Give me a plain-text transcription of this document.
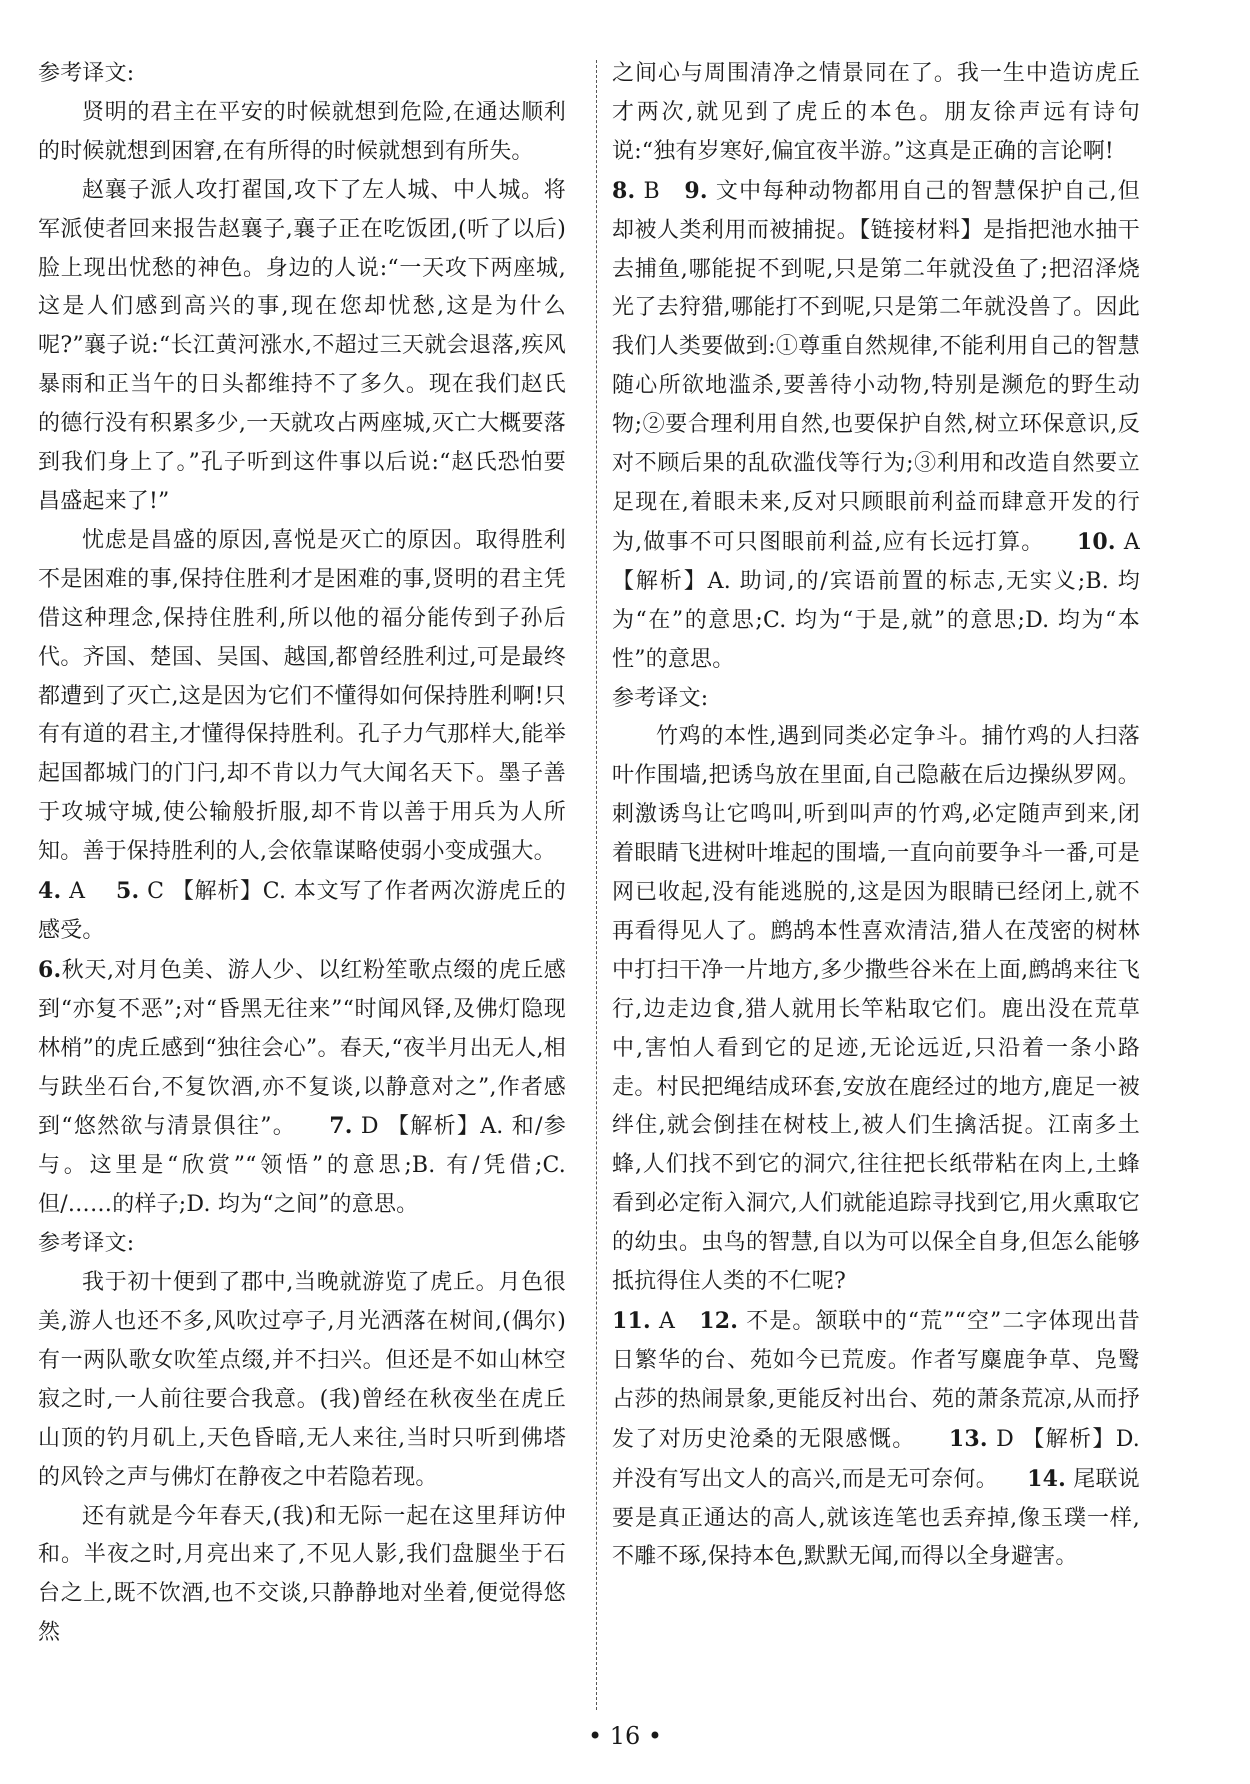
参考译文:

贤明的君主在平安的时候就想到危险,在通达顺利的时候就想到困窘,在有所得的时候就想到有所失。

赵襄子派人攻打翟国,攻下了左人城、中人城。将军派使者回来报告赵襄子,襄子正在吃饭团,(听了以后)脸上现出忧愁的神色。身边的人说:“一天攻下两座城,这是人们感到高兴的事,现在您却忧愁,这是为什么呢?”襄子说:“长江黄河涨水,不超过三天就会退落,疾风暴雨和正当午的日头都维持不了多久。现在我们赵氏的德行没有积累多少,一天就攻占两座城,灭亡大概要落到我们身上了。”孔子听到这件事以后说:“赵氏恐怕要昌盛起来了!”

忧虑是昌盛的原因,喜悦是灭亡的原因。取得胜利不是困难的事,保持住胜利才是困难的事,贤明的君主凭借这种理念,保持住胜利,所以他的福分能传到子孙后代。齐国、楚国、吴国、越国,都曾经胜利过,可是最终都遭到了灭亡,这是因为它们不懂得如何保持胜利啊!只有有道的君主,才懂得保持胜利。孔子力气那样大,能举起国都城门的门闩,却不肯以力气大闻名天下。墨子善于攻城守城,使公输般折服,却不肯以善于用兵为人所知。善于保持胜利的人,会依靠谋略使弱小变成强大。

4. A 5. C 【解析】C. 本文写了作者两次游虎丘的感受。

6.秋天,对月色美、游人少、以红粉笙歌点缀的虎丘感到“亦复不恶”;对“昏黑无往来”“时闻风铎,及佛灯隐现林梢”的虎丘感到“独往会心”。春天,“夜半月出无人,相与趺坐石台,不复饮酒,亦不复谈,以静意对之”,作者感到“悠然欲与清景俱往”。 7. D 【解析】A. 和/参与。这里是“欣赏”“领悟”的意思;B. 有/凭借;C. 但/……的样子;D. 均为“之间”的意思。

参考译文:

我于初十便到了郡中,当晚就游览了虎丘。月色很美,游人也还不多,风吹过亭子,月光洒落在树间,(偶尔)有一两队歌女吹笙点缀,并不扫兴。但还是不如山林空寂之时,一人前往要合我意。(我)曾经在秋夜坐在虎丘山顶的钓月矶上,天色昏暗,无人来往,当时只听到佛塔的风铃之声与佛灯在静夜之中若隐若现。

还有就是今年春天,(我)和无际一起在这里拜访仲和。半夜之时,月亮出来了,不见人影,我们盘腿坐于石台之上,既不饮酒,也不交谈,只静静地对坐着,便觉得悠然

之间心与周围清净之情景同在了。我一生中造访虎丘才两次,就见到了虎丘的本色。朋友徐声远有诗句说:“独有岁寒好,偏宜夜半游。”这真是正确的言论啊!

8. B 9. 文中每种动物都用自己的智慧保护自己,但却被人类利用而被捕捉。【链接材料】是指把池水抽干去捕鱼,哪能捉不到呢,只是第二年就没鱼了;把沼泽烧光了去狩猎,哪能打不到呢,只是第二年就没兽了。因此我们人类要做到:①尊重自然规律,不能利用自己的智慧随心所欲地滥杀,要善待小动物,特别是濒危的野生动物;②要合理利用自然,也要保护自然,树立环保意识,反对不顾后果的乱砍滥伐等行为;③利用和改造自然要立足现在,着眼未来,反对只顾眼前利益而肆意开发的行为,做事不可只图眼前利益,应有长远打算。 10. A 【解析】A. 助词,的/宾语前置的标志,无实义;B. 均为“在”的意思;C. 均为“于是,就”的意思;D. 均为“本性”的意思。

参考译文:

竹鸡的本性,遇到同类必定争斗。捕竹鸡的人扫落叶作围墙,把诱鸟放在里面,自己隐蔽在后边操纵罗网。刺激诱鸟让它鸣叫,听到叫声的竹鸡,必定随声到来,闭着眼睛飞进树叶堆起的围墙,一直向前要争斗一番,可是网已收起,没有能逃脱的,这是因为眼睛已经闭上,就不再看得见人了。鹧鸪本性喜欢清洁,猎人在茂密的树林中打扫干净一片地方,多少撒些谷米在上面,鹧鸪来往飞行,边走边食,猎人就用长竿粘取它们。鹿出没在荒草中,害怕人看到它的足迹,无论远近,只沿着一条小路走。村民把绳结成环套,安放在鹿经过的地方,鹿足一被绊住,就会倒挂在树枝上,被人们生擒活捉。江南多土蜂,人们找不到它的洞穴,往往把长纸带粘在肉上,土蜂看到必定衔入洞穴,人们就能追踪寻找到它,用火熏取它的幼虫。虫鸟的智慧,自以为可以保全自身,但怎么能够抵抗得住人类的不仁呢?

11. A 12. 不是。颔联中的“荒”“空”二字体现出昔日繁华的台、苑如今已荒废。作者写麋鹿争草、凫鹥占莎的热闹景象,更能反衬出台、苑的萧条荒凉,从而抒发了对历史沧桑的无限感慨。 13. D 【解析】D. 并没有写出文人的高兴,而是无可奈何。 14. 尾联说要是真正通达的高人,就该连笔也丢弃掉,像玉璞一样,不雕不琢,保持本色,默默无闻,而得以全身避害。

• 16 •
